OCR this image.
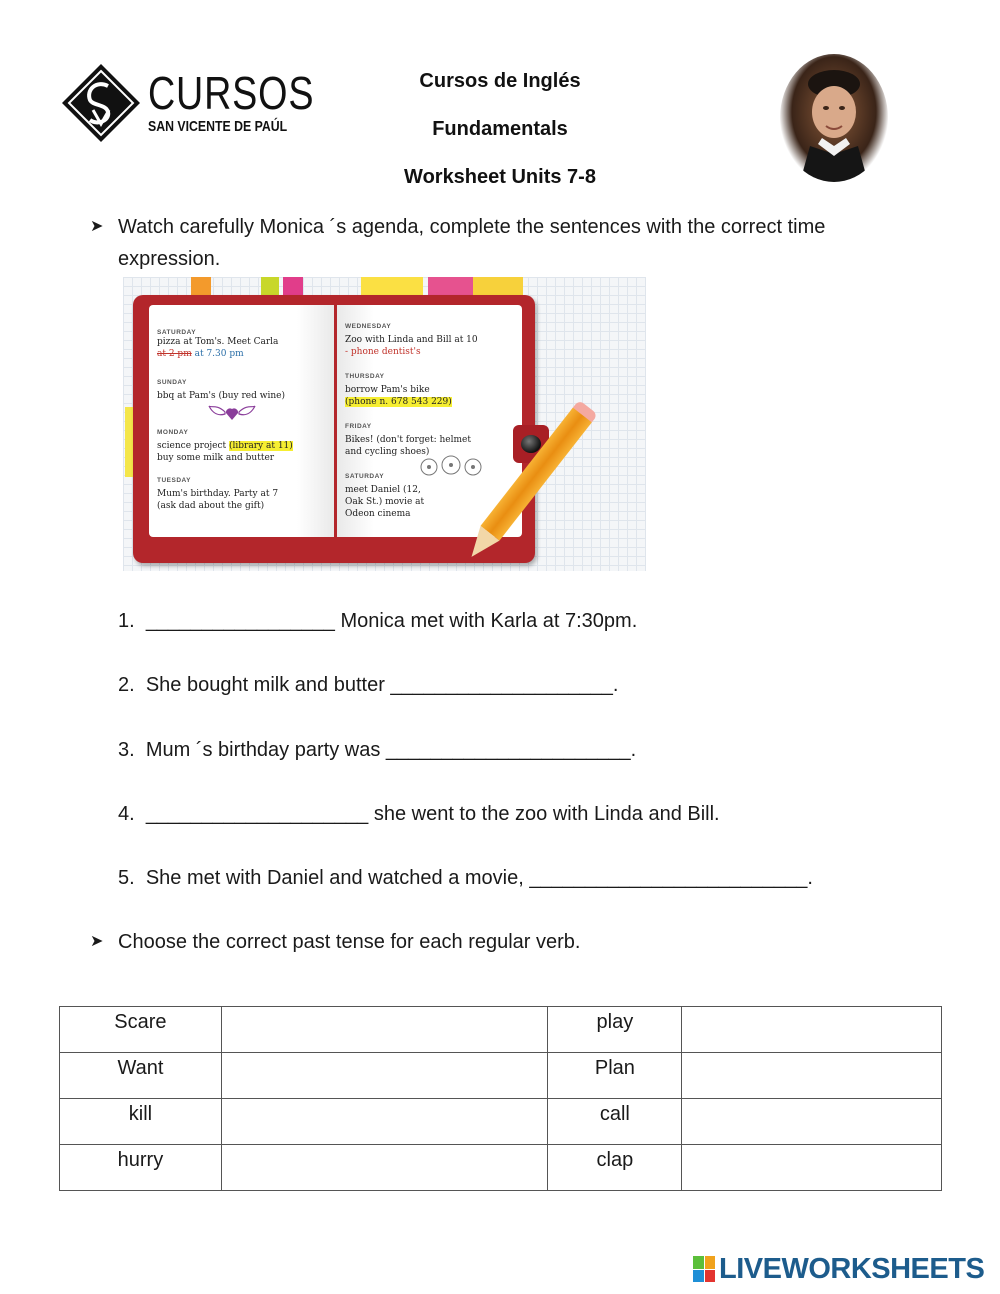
CURSOS
SAN VICENTE DE PAÚL
Cursos de Inglés
Fundamentals
Worksheet Units 7-8
➤ Watch carefully Monica ´s agenda, complete the sentences with the correct time
expression.
SATURDAY
pizza at Tom's. Meet Carla
at 2 pm at 7.30 pm
SUNDAY
bbq at Pam's (buy red wine)
MONDAY
science project (library at 11)
buy some milk and butter
TUESDAY
Mum's birthday. Party at 7
(ask dad about the gift)
WEDNESDAY
Zoo with Linda and Bill at 10
- phone dentist's
THURSDAY
borrow Pam's bike
(phone n. 678 543 229)
FRIDAY
Bikes! (don't forget: helmet
and cycling shoes)
SATURDAY
meet Daniel (12,
Oak St.) movie at
Odeon cinema
1. _________________ Monica met with Karla at 7:30pm.
2. She bought milk and butter ____________________.
3. Mum ´s birthday party was ______________________.
4. ____________________ she went to the zoo with Linda and Bill.
5. She met with Daniel and watched a movie, _________________________.
➤ Choose the correct past tense for each regular verb.
Scare		play	
Want		Plan	
kill		call	
hurry		clap	
LIVEWORKSHEETS
